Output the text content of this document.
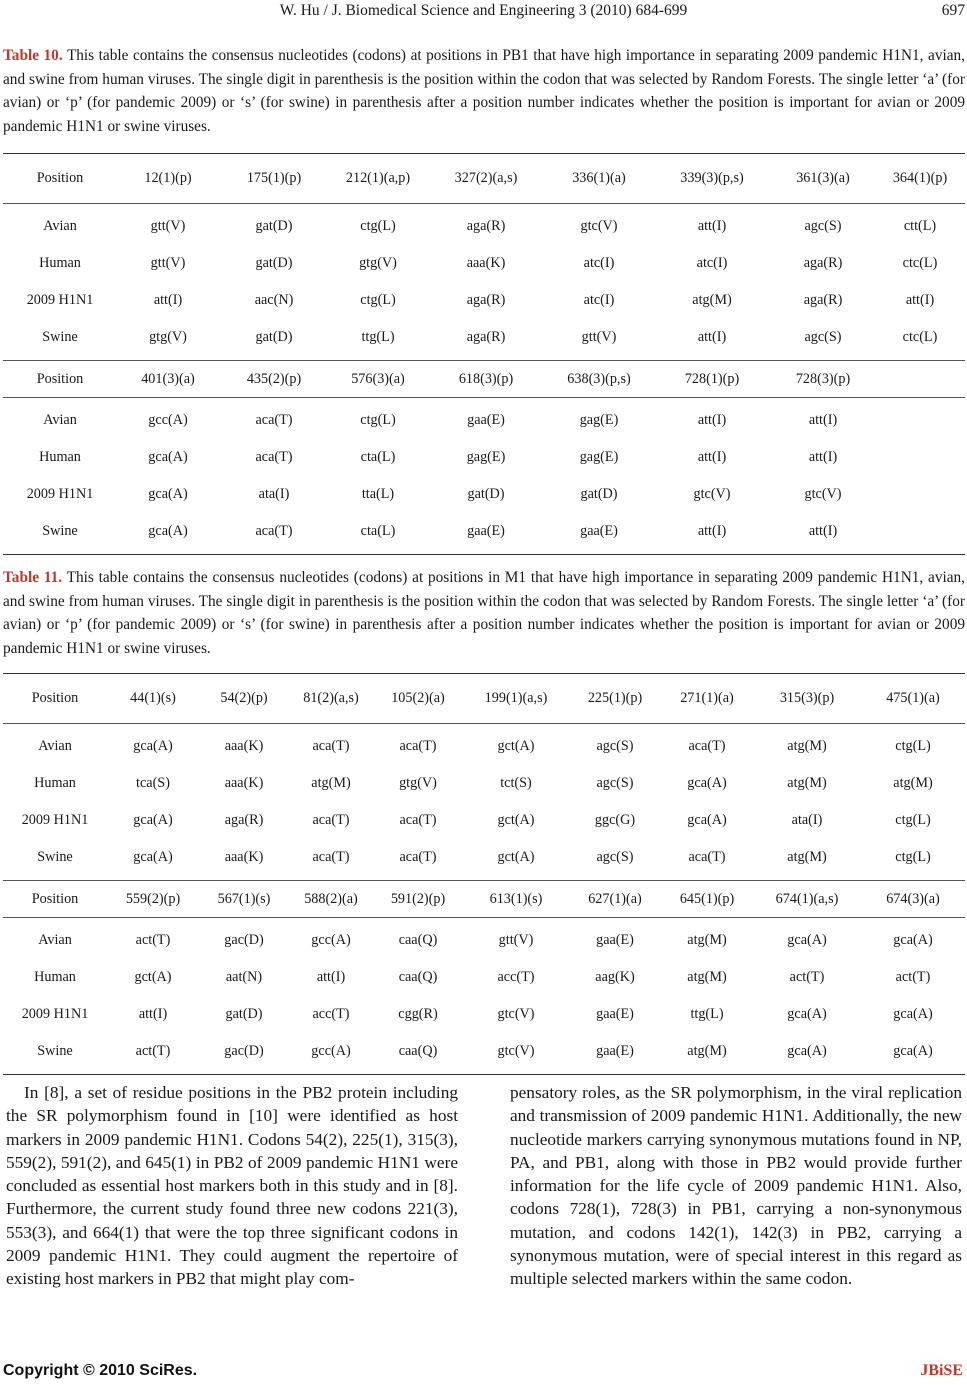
W. Hu / J. Biomedical Science and Engineering 3 (2010) 684-699	697
Table 10. This table contains the consensus nucleotides (codons) at positions in PB1 that have high importance in separating 2009 pandemic H1N1, avian, and swine from human viruses. The single digit in parenthesis is the position within the codon that was selected by Random Forests. The single letter ‘a’ (for avian) or ‘p’ (for pandemic 2009) or ‘s’ (for swine) in parenthesis after a position number indicates whether the position is important for avian or 2009 pandemic H1N1 or swine viruses.
Position	12(1)(p)	175(1)(p)	212(1)(a,p)	327(2)(a,s)	336(1)(a)	339(3)(p,s)	361(3)(a)	364(1)(p)
Avian	gtt(V)	gat(D)	ctg(L)	aga(R)	gtc(V)	att(I)	agc(S)	ctt(L)
Human	gtt(V)	gat(D)	gtg(V)	aaa(K)	atc(I)	atc(I)	aga(R)	ctc(L)
2009 H1N1	att(I)	aac(N)	ctg(L)	aga(R)	atc(I)	atg(M)	aga(R)	att(I)
Swine	gtg(V)	gat(D)	ttg(L)	aga(R)	gtt(V)	att(I)	agc(S)	ctc(L)
Position	401(3)(a)	435(2)(p)	576(3)(a)	618(3)(p)	638(3)(p,s)	728(1)(p)	728(3)(p)	
Avian	gcc(A)	aca(T)	ctg(L)	gaa(E)	gag(E)	att(I)	att(I)	
Human	gca(A)	aca(T)	cta(L)	gag(E)	gag(E)	att(I)	att(I)	
2009 H1N1	gca(A)	ata(I)	tta(L)	gat(D)	gat(D)	gtc(V)	gtc(V)	
Swine	gca(A)	aca(T)	cta(L)	gaa(E)	gaa(E)	att(I)	att(I)	
Table 11. This table contains the consensus nucleotides (codons) at positions in M1 that have high importance in separating 2009 pandemic H1N1, avian, and swine from human viruses. The single digit in parenthesis is the position within the codon that was selected by Random Forests. The single letter ‘a’ (for avian) or ‘p’ (for pandemic 2009) or ‘s’ (for swine) in parenthesis after a position number indicates whether the position is important for avian or 2009 pandemic H1N1 or swine viruses.
Position	44(1)(s)	54(2)(p)	81(2)(a,s)	105(2)(a)	199(1)(a,s)	225(1)(p)	271(1)(a)	315(3)(p)	475(1)(a)
Avian	gca(A)	aaa(K)	aca(T)	aca(T)	gct(A)	agc(S)	aca(T)	atg(M)	ctg(L)
Human	tca(S)	aaa(K)	atg(M)	gtg(V)	tct(S)	agc(S)	gca(A)	atg(M)	atg(M)
2009 H1N1	gca(A)	aga(R)	aca(T)	aca(T)	gct(A)	ggc(G)	gca(A)	ata(I)	ctg(L)
Swine	gca(A)	aaa(K)	aca(T)	aca(T)	gct(A)	agc(S)	aca(T)	atg(M)	ctg(L)
Position	559(2)(p)	567(1)(s)	588(2)(a)	591(2)(p)	613(1)(s)	627(1)(a)	645(1)(p)	674(1)(a,s)	674(3)(a)
Avian	act(T)	gac(D)	gcc(A)	caa(Q)	gtt(V)	gaa(E)	atg(M)	gca(A)	gca(A)
Human	gct(A)	aat(N)	att(I)	caa(Q)	acc(T)	aag(K)	atg(M)	act(T)	act(T)
2009 H1N1	att(I)	gat(D)	acc(T)	cgg(R)	gtc(V)	gaa(E)	ttg(L)	gca(A)	gca(A)
Swine	act(T)	gac(D)	gcc(A)	caa(Q)	gtc(V)	gaa(E)	atg(M)	gca(A)	gca(A)
In [8], a set of residue positions in the PB2 protein including the SR polymorphism found in [10] were identified as host markers in 2009 pandemic H1N1. Codons 54(2), 225(1), 315(3), 559(2), 591(2), and 645(1) in PB2 of 2009 pandemic H1N1 were concluded as essential host markers both in this study and in [8]. Furthermore, the current study found three new codons 221(3), 553(3), and 664(1) that were the top three significant codons in 2009 pandemic H1N1. They could augment the repertoire of existing host markers in PB2 that might play com-
pensatory roles, as the SR polymorphism, in the viral replication and transmission of 2009 pandemic H1N1. Additionally, the new nucleotide markers carrying synonymous mutations found in NP, PA, and PB1, along with those in PB2 would provide further information for the life cycle of 2009 pandemic H1N1. Also, codons 728(1), 728(3) in PB1, carrying a non-synonymous mutation, and codons 142(1), 142(3) in PB2, carrying a synonymous mutation, were of special interest in this regard as multiple selected markers within the same codon.
Copyright © 2010 SciRes.	JBiSE
